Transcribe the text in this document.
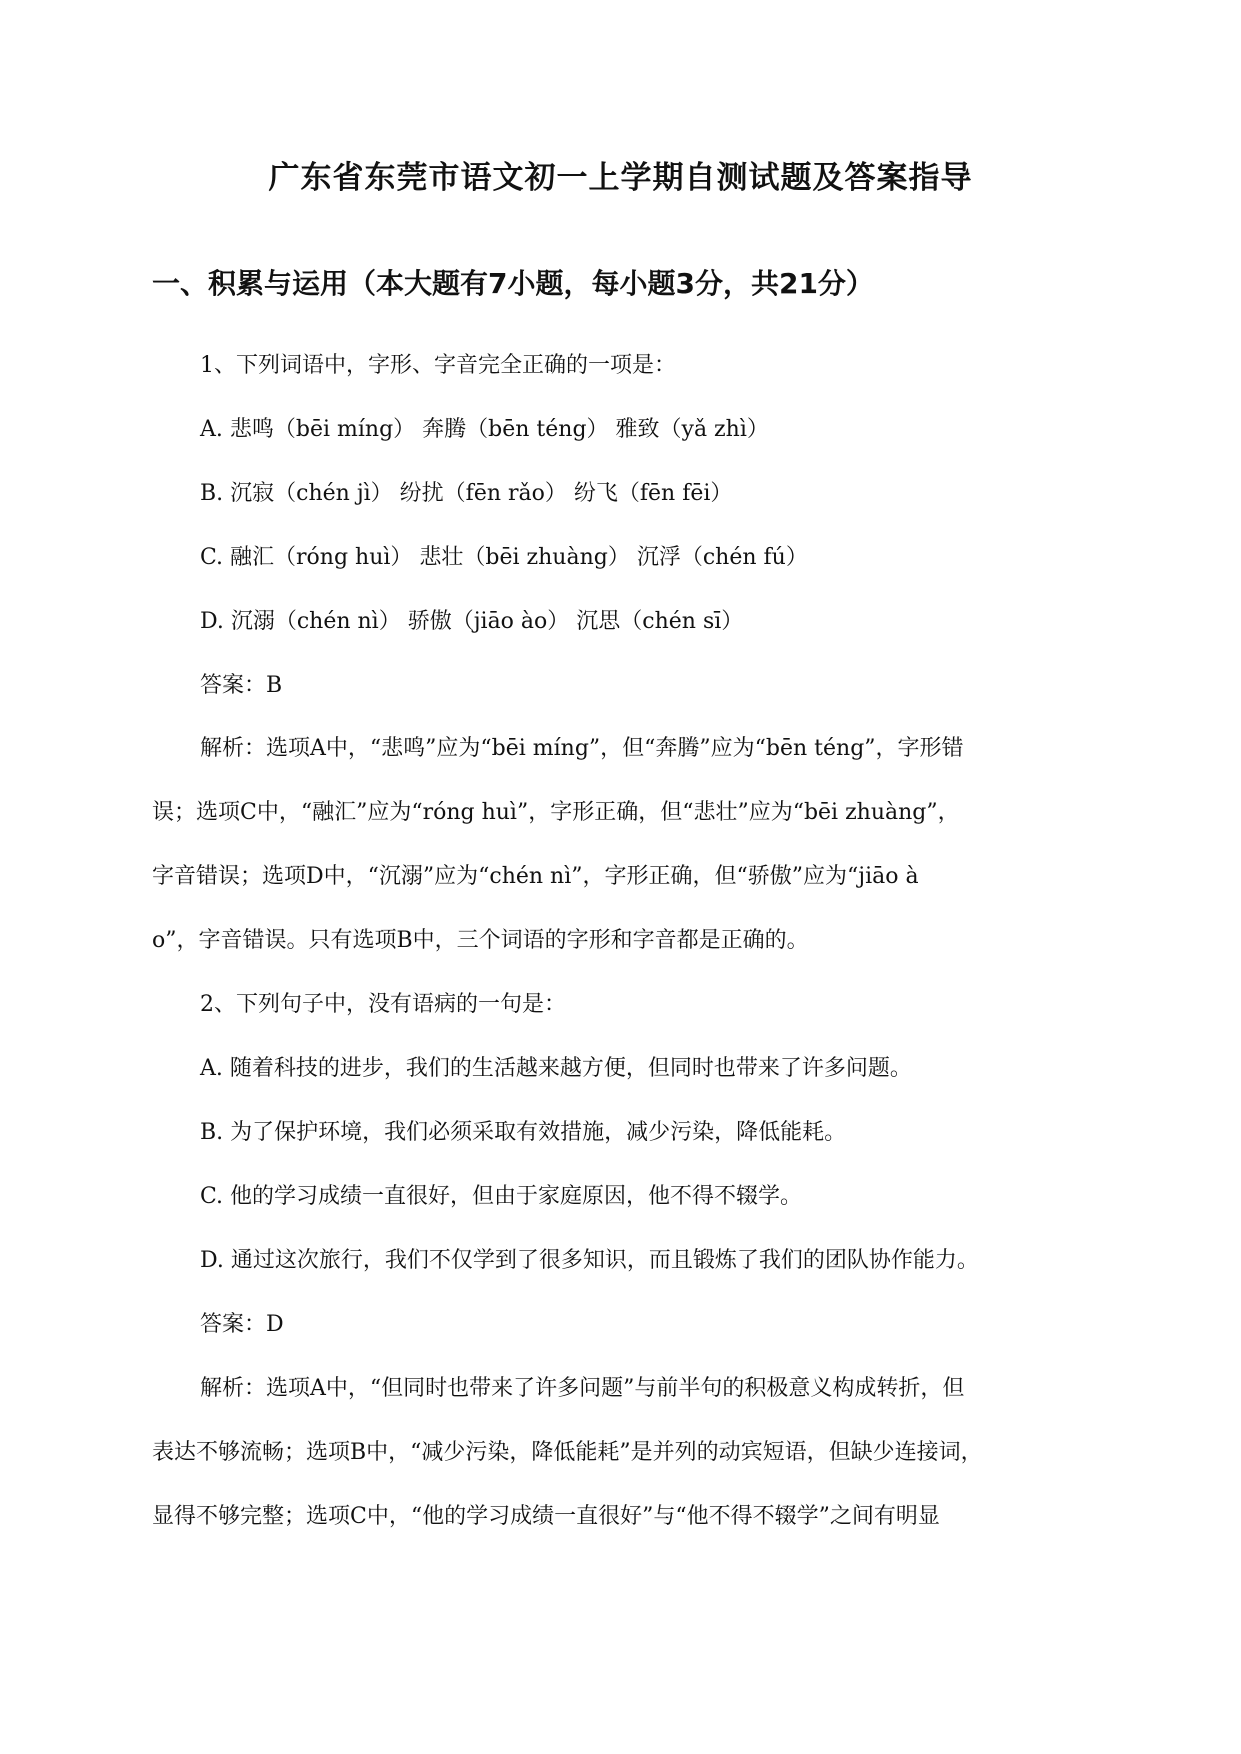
广东省东莞市语文初一上学期自测试题及答案指导
一、积累与运用（本大题有7小题，每小题3分，共21分）
1、下列词语中，字形、字音完全正确的一项是：
A. 悲鸣（bēi míng） 奔腾（bēn téng） 雅致（yǎ zhì）
B. 沉寂（chén jì） 纷扰（fēn rǎo） 纷飞（fēn fēi）
C. 融汇（róng huì） 悲壮（bēi zhuàng） 沉浮（chén fú）
D. 沉溺（chén nì） 骄傲（jiāo ào） 沉思（chén sī）
答案：B
解析：选项A中，“悲鸣”应为“bēi míng”，但“奔腾”应为“bēn téng”，字形错
误；选项C中，“融汇”应为“róng huì”，字形正确，但“悲壮”应为“bēi zhuàng”，
字音错误；选项D中，“沉溺”应为“chén nì”，字形正确，但“骄傲”应为“jiāo à
o”，字音错误。只有选项B中，三个词语的字形和字音都是正确的。
2、下列句子中，没有语病的一句是：
A. 随着科技的进步，我们的生活越来越方便，但同时也带来了许多问题。
B. 为了保护环境，我们必须采取有效措施，减少污染，降低能耗。
C. 他的学习成绩一直很好，但由于家庭原因，他不得不辍学。
D. 通过这次旅行，我们不仅学到了很多知识，而且锻炼了我们的团队协作能力。
答案：D
解析：选项A中，“但同时也带来了许多问题”与前半句的积极意义构成转折，但
表达不够流畅；选项B中，“减少污染，降低能耗”是并列的动宾短语，但缺少连接词，
显得不够完整；选项C中，“他的学习成绩一直很好”与“他不得不辍学”之间有明显
